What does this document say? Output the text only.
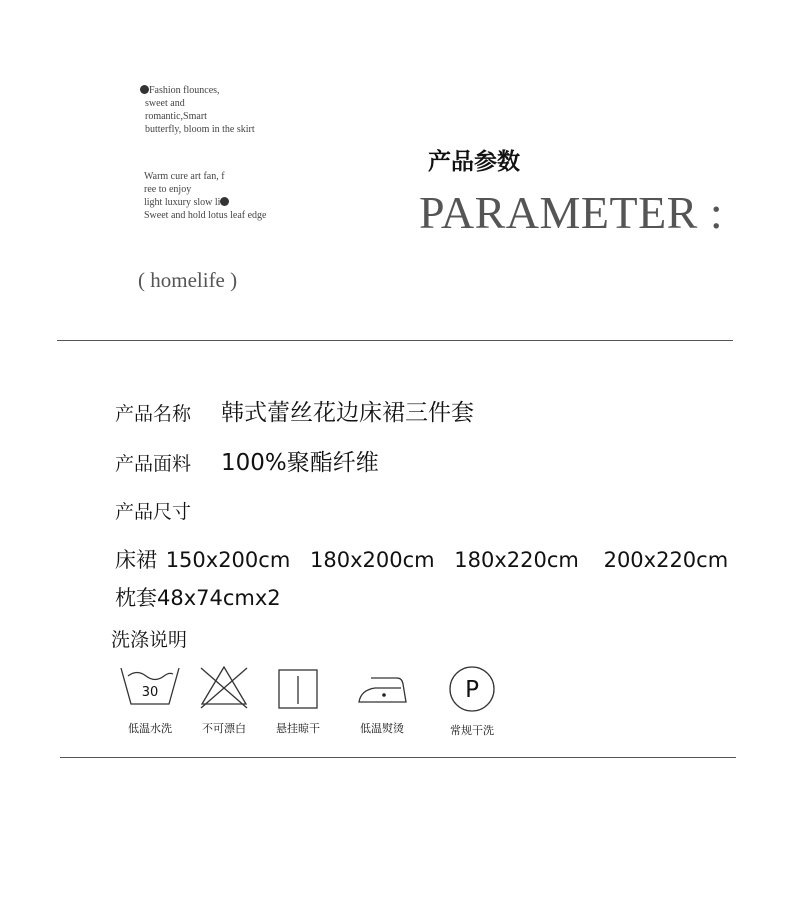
Fashion flounces,
sweet and
romantic,Smart
butterfly, bloom in the skirt
Warm cure art fan, f
ree to enjoy
light luxury slow li
Sweet and hold lotus leaf edge
( homelife )
产品参数
PARAMETER :
产品名称 韩式蕾丝花边床裙三件套
产品面料 100%聚酯纤维
产品尺寸
床裙 150x200cm 180x200cm 180x220cm 200x220cm
枕套48x74cmx2
洗涤说明
30
低温水洗	不可漂白	悬挂晾干	低温熨烫
P
常规干洗
